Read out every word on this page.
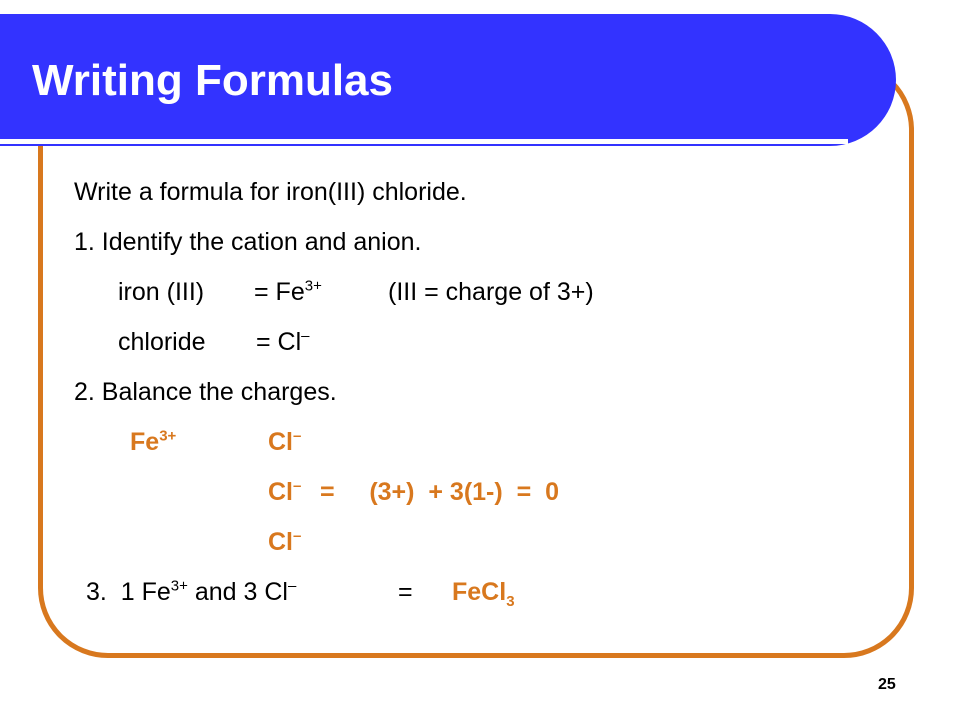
Writing Formulas
Write a formula for iron(III) chloride.
1. Identify the cation and anion.
iron $(III) = Fe^{3+}$	(III = charge of 3+)
chloride = Cl–
2. Balance the charges.
$Fe^{3+}$	Cl–
Cl– =     (3+)  + 3(1-)  =  0
Cl–
3.  1 $Fe^{3+}$ and 3 Cl–	= FeCl$_3$
25
